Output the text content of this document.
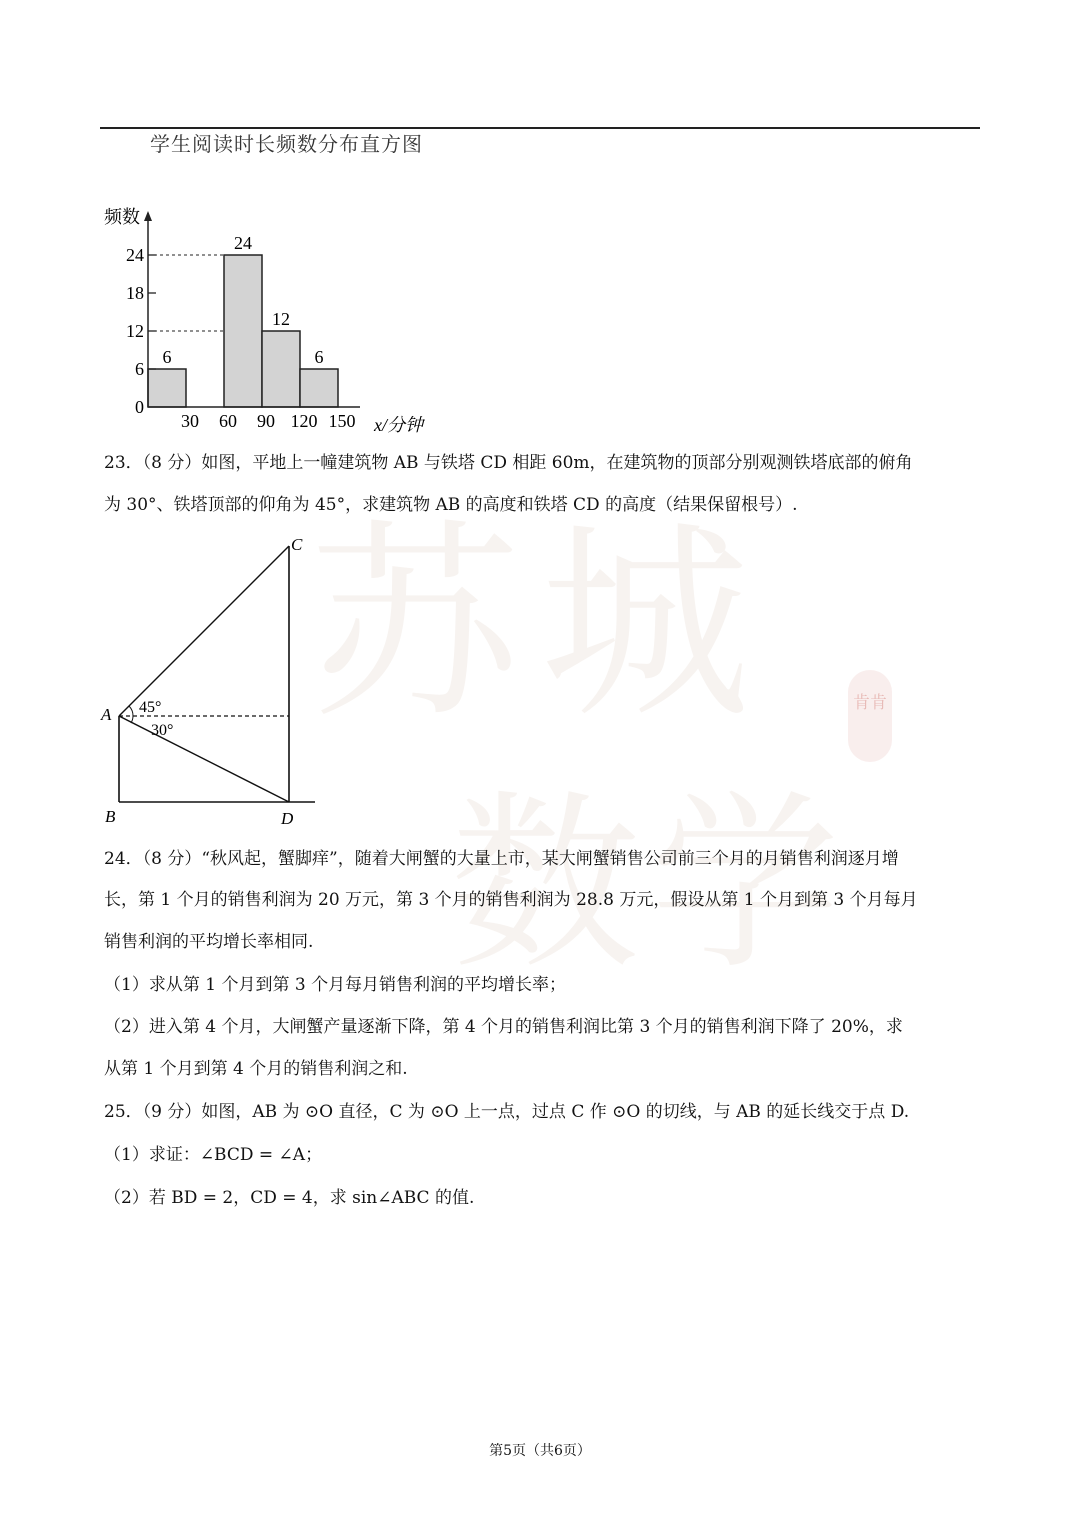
苏 城
数 学
肯肯
学生阅读时长频数分布直方图
6
24
12
6
0
6
12
18
24
30 60 90 120 150
频数
x/分钟
23．（8 分）如图，平地上一幢建筑物 AB 与铁塔 CD 相距 60m，在建筑物的顶部分别观测铁塔底部的俯角
为 30°、铁塔顶部的仰角为 45°，求建筑物 AB 的高度和铁塔 CD 的高度（结果保留根号）.
C
A
B	D
45°
30°
24．（8 分）“秋风起，蟹脚痒”，随着大闸蟹的大量上市，某大闸蟹销售公司前三个月的月销售利润逐月增
长，第 1 个月的销售利润为 20 万元，第 3 个月的销售利润为 28.8 万元，假设从第 1 个月到第 3 个月每月
销售利润的平均增长率相同.
（1）求从第 1 个月到第 3 个月每月销售利润的平均增长率；
（2）进入第 4 个月，大闸蟹产量逐渐下降，第 4 个月的销售利润比第 3 个月的销售利润下降了 20%，求
从第 1 个月到第 4 个月的销售利润之和.
25．（9 分）如图，AB 为 ⊙O 直径，C 为 ⊙O 上一点，过点 C 作 ⊙O 的切线，与 AB 的延长线交于点 D.
（1）求证：∠BCD = ∠A；
（2）若 BD = 2，CD = 4，求 sin∠ABC 的值.
第5页（共6页）
